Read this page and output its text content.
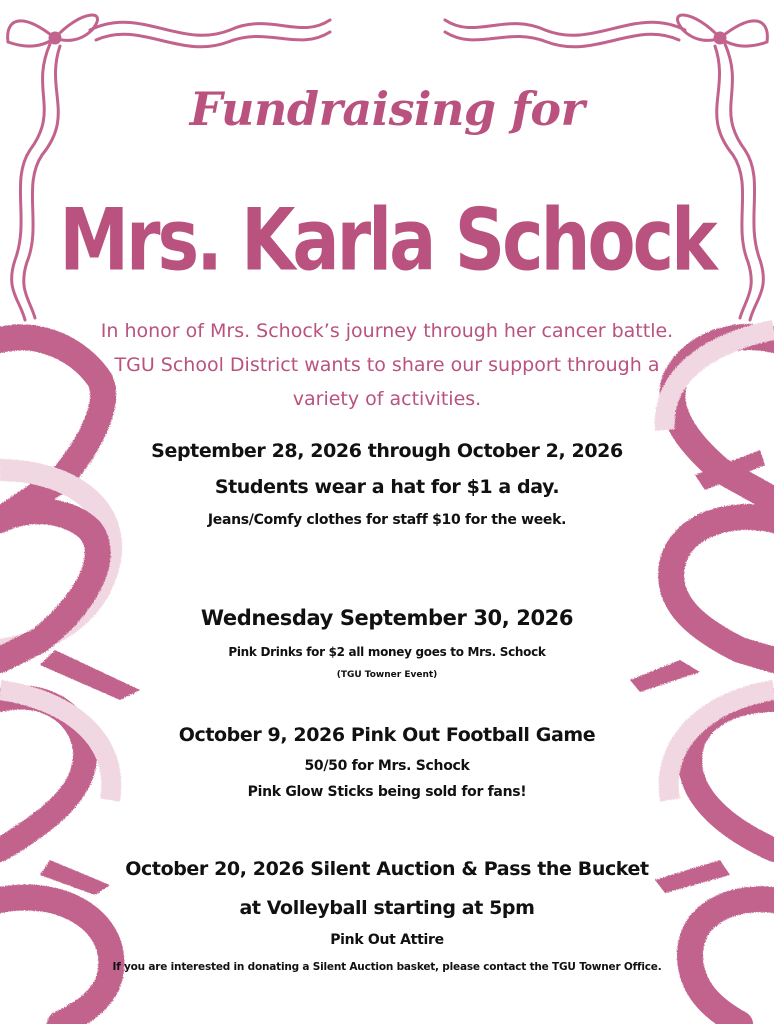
Fundraising for
Mrs. Karla Schock
In honor of Mrs. Schock’s journey through her cancer battle. TGU School District wants to share our support through a variety of activities.
September 28, 2026 through October 2, 2026
Students wear a hat for $1 a day.
Jeans/Comfy clothes for staff $10 for the week.
Wednesday September 30, 2026
Pink Drinks for $2 all money goes to Mrs. Schock
(TGU Towner Event)
October 9, 2026 Pink Out Football Game
50/50 for Mrs. Schock
Pink Glow Sticks being sold for fans!
October 20, 2026 Silent Auction & Pass the Bucket
at Volleyball starting at 5pm
Pink Out Attire
If you are interested in donating a Silent Auction basket, please contact the TGU Towner Office.
